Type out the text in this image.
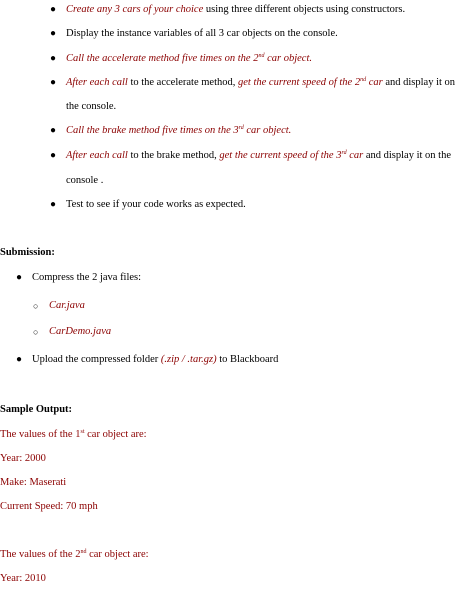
● Create any 3 cars of your choice using three different objects using constructors.
● Display the instance variables of all 3 car objects on the console.
● Call the accelerate method five times on the 2nd car object.
● After each call to the accelerate method, get the current speed of the 2nd car and display it on
the console.
● Call the brake method five times on the 3rd car object.
● After each call to the brake method, get the current speed of the 3rd car and display it on the
console .
● Test to see if your code works as expected.
Submission:
● Compress the 2 java files:
○ Car.java
○ CarDemo.java
● Upload the compressed folder (.zip / .tar.gz) to Blackboard
Sample Output:
The values of the 1st car object are:
Year: 2000
Make: Maserati
Current Speed: 70 mph
The values of the 2nd car object are:
Year: 2010
